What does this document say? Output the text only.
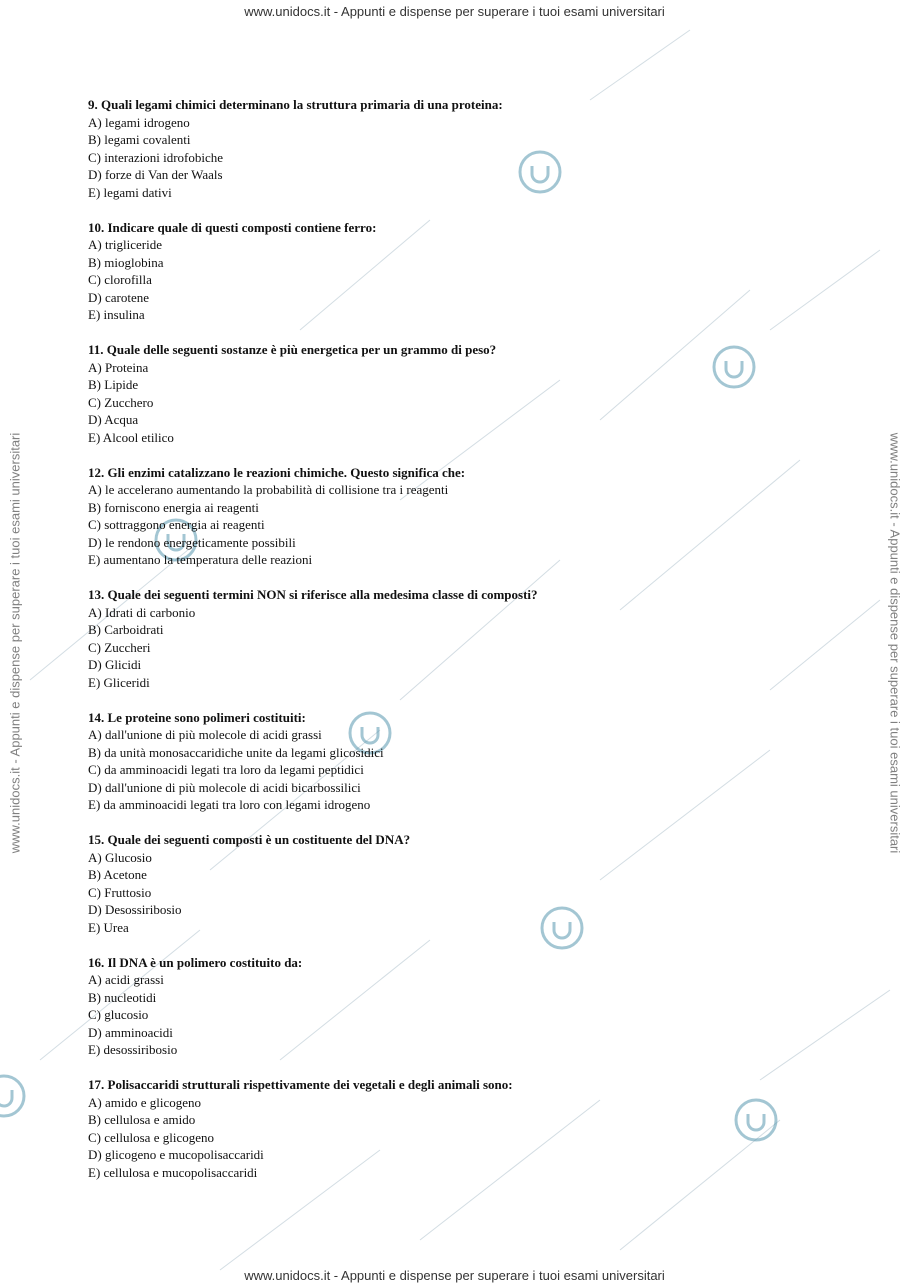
www.unidocs.it - Appunti e dispense per superare i tuoi esami universitari
www.unidocs.it - Appunti e dispense per superare i tuoi esami universitari	www.unidocs.it - Appunti e dispense per superare i tuoi esami universitari
9. Quali legami chimici determinano la struttura primaria di una proteina:
A) legami idrogeno
B) legami covalenti
C) interazioni idrofobiche
D) forze di Van der Waals
E) legami dativi
10. Indicare quale di questi composti contiene ferro:
A) trigliceride
B) mioglobina
C) clorofilla
D) carotene
E) insulina
11. Quale delle seguenti sostanze è più energetica per un grammo di peso?
A) Proteina
B) Lipide
C) Zucchero
D) Acqua
E) Alcool etilico
12. Gli enzimi catalizzano le reazioni chimiche. Questo significa che:
A) le accelerano aumentando la probabilità di collisione tra i reagenti
B) forniscono energia ai reagenti
C) sottraggono energia ai reagenti
D) le rendono energeticamente possibili
E) aumentano la temperatura delle reazioni
13. Quale dei seguenti termini NON si riferisce alla medesima classe di composti?
A) Idrati di carbonio
B) Carboidrati
C) Zuccheri
D) Glicidi
E) Gliceridi
14. Le proteine sono polimeri costituiti:
A) dall'unione di più molecole di acidi grassi
B) da unità monosaccaridiche unite da legami glicosidici
C) da amminoacidi legati tra loro da legami peptidici
D) dall'unione di più molecole di acidi bicarbossilici
E) da amminoacidi legati tra loro con legami idrogeno
15. Quale dei seguenti composti è un costituente del DNA?
A) Glucosio
B) Acetone
C) Fruttosio
D) Desossiribosio
E) Urea
16. Il DNA è un polimero costituito da:
A) acidi grassi
B) nucleotidi
C) glucosio
D) amminoacidi
E) desossiribosio
17. Polisaccaridi strutturali rispettivamente dei vegetali e degli animali sono:
A) amido e glicogeno
B) cellulosa e amido
C) cellulosa e glicogeno
D) glicogeno e mucopolisaccaridi
E) cellulosa e mucopolisaccaridi
www.unidocs.it - Appunti e dispense per superare i tuoi esami universitari
